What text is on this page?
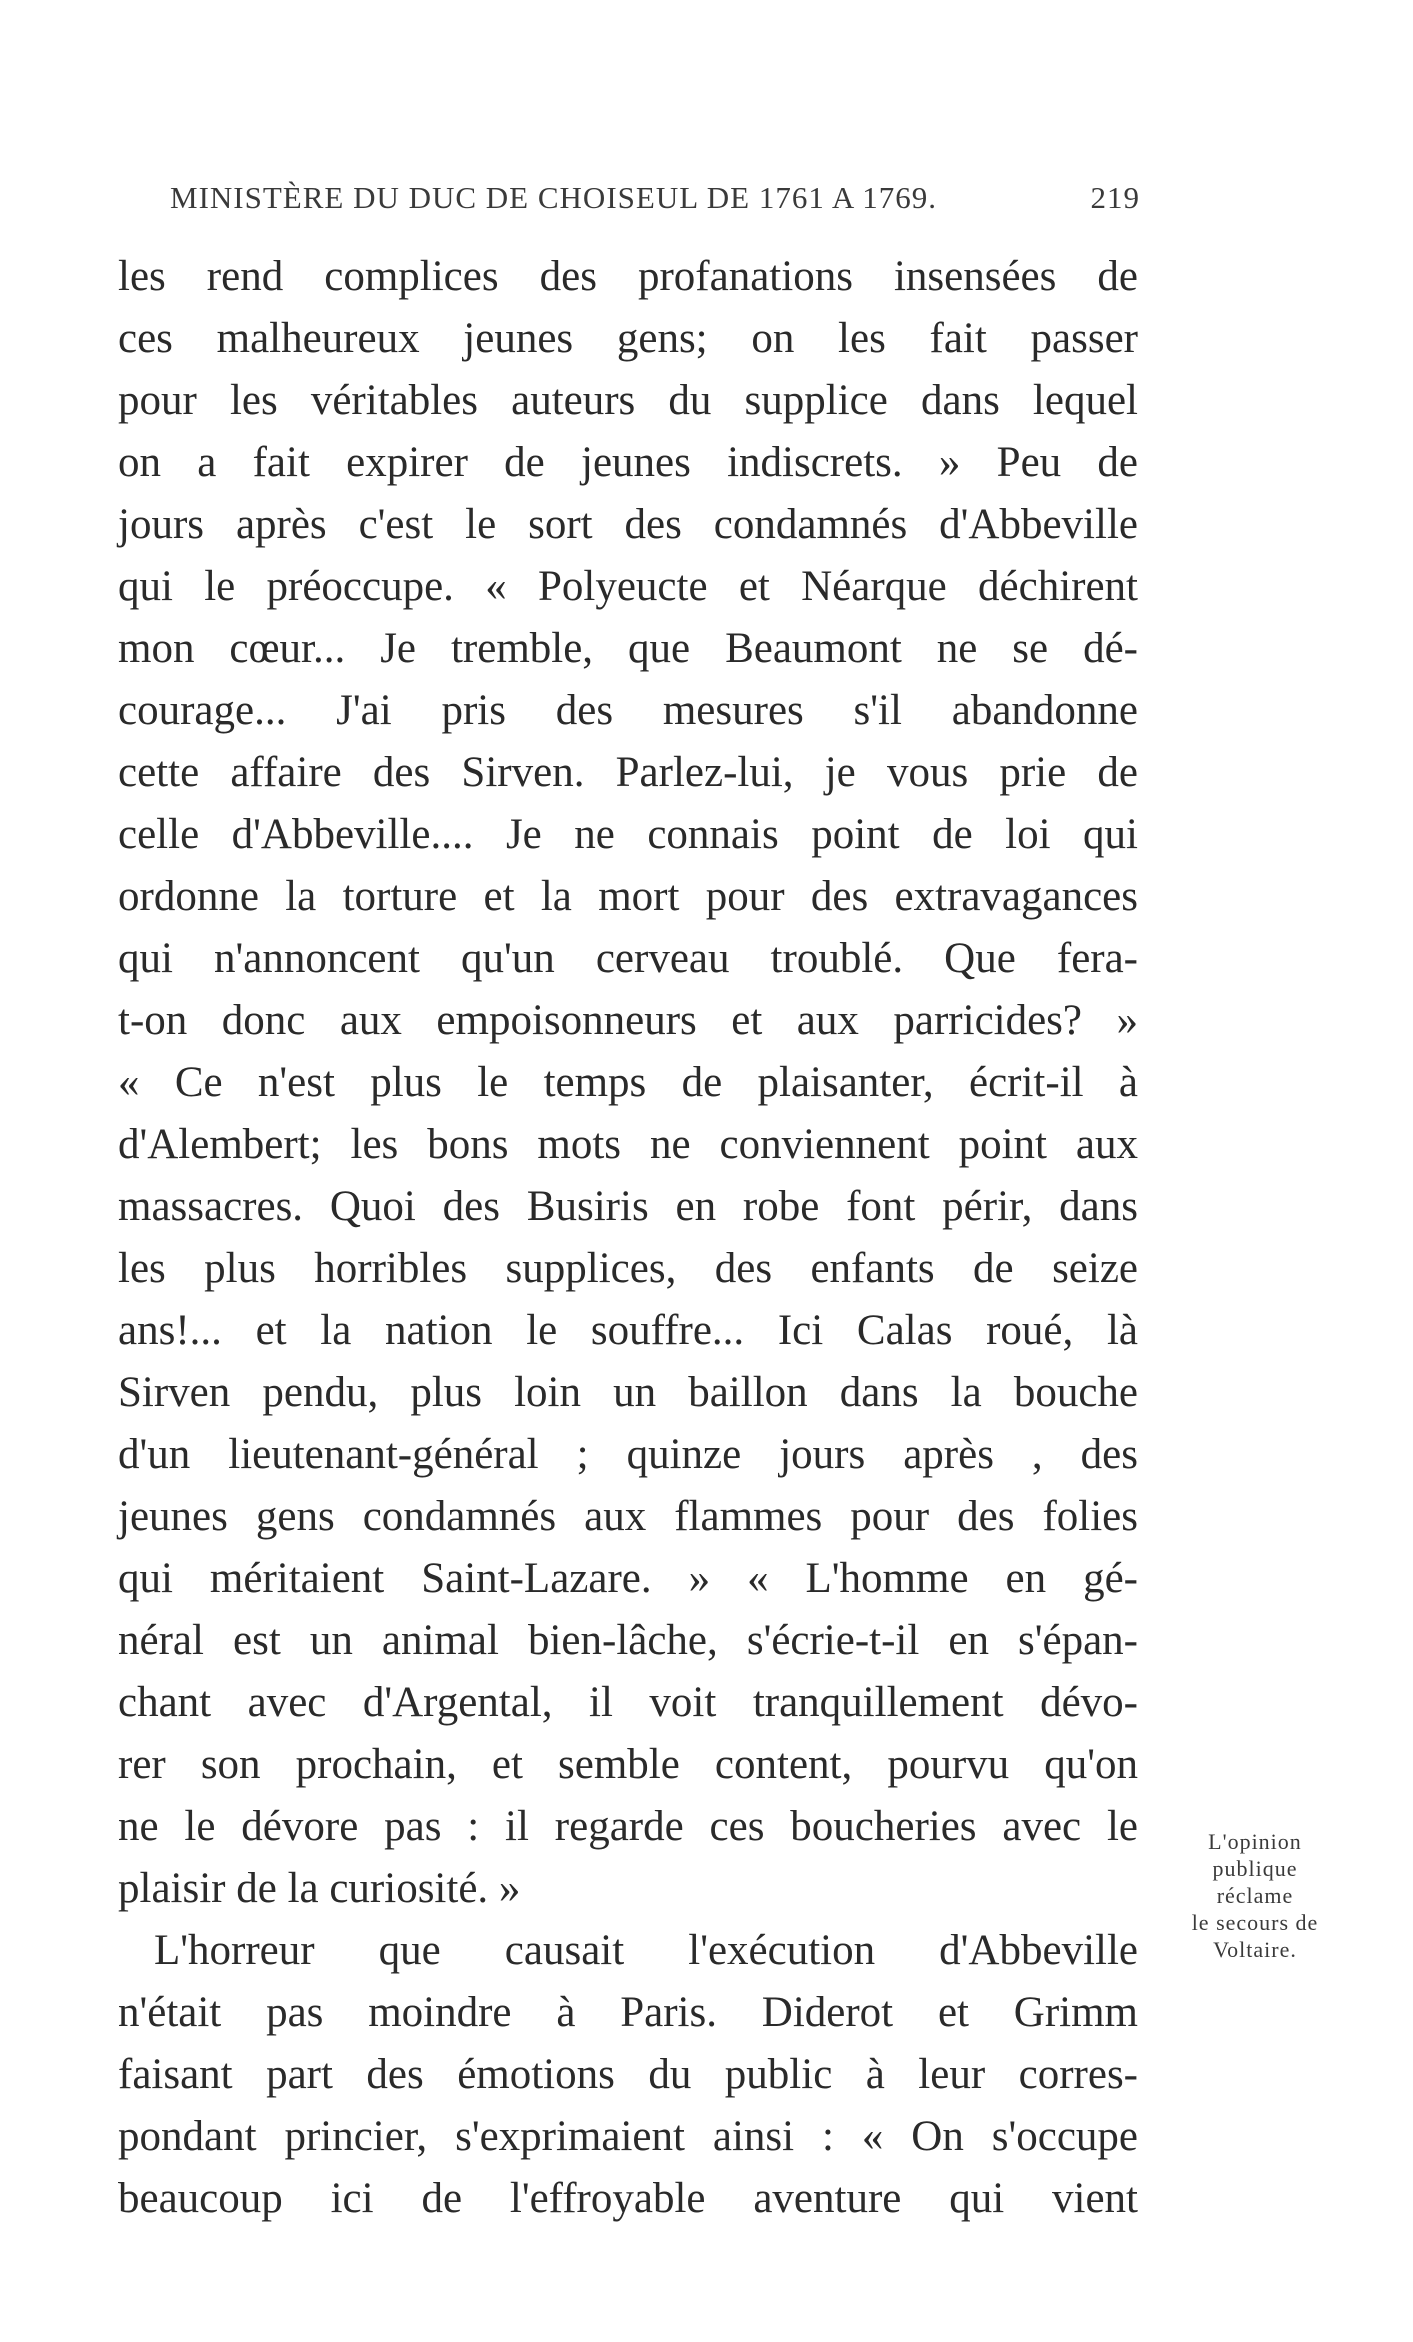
MINISTÈRE DU DUC DE CHOISEUL DE 1761 A 1769.	219
les rend complices des profanations insensées de
ces malheureux jeunes gens; on les fait passer
pour les véritables auteurs du supplice dans lequel
on a fait expirer de jeunes indiscrets. » Peu de
jours après c'est le sort des condamnés d'Abbeville
qui le préoccupe. « Polyeucte et Néarque déchirent
mon cœur... Je tremble, que Beaumont ne se dé-
courage... J'ai pris des mesures s'il abandonne
cette affaire des Sirven. Parlez-lui, je vous prie de
celle d'Abbeville.... Je ne connais point de loi qui
ordonne la torture et la mort pour des extravagances
qui n'annoncent qu'un cerveau troublé. Que fera-
t-on donc aux empoisonneurs et aux parricides? »
« Ce n'est plus le temps de plaisanter, écrit-il à
d'Alembert; les bons mots ne conviennent point aux
massacres. Quoi des Busiris en robe font périr, dans
les plus horribles supplices, des enfants de seize
ans!... et la nation le souffre... Ici Calas roué, là
Sirven pendu, plus loin un baillon dans la bouche
d'un lieutenant-général ; quinze jours après , des
jeunes gens condamnés aux flammes pour des folies
qui méritaient Saint-Lazare. » « L'homme en gé-
néral est un animal bien-lâche, s'écrie-t-il en s'épan-
chant avec d'Argental, il voit tranquillement dévo-
rer son prochain, et semble content, pourvu qu'on
ne le dévore pas : il regarde ces boucheries avec le
plaisir de la curiosité. »
L'horreur que causait l'exécution d'Abbeville
n'était pas moindre à Paris. Diderot et Grimm
faisant part des émotions du public à leur corres-
pondant princier, s'exprimaient ainsi : « On s'occupe
beaucoup ici de l'effroyable aventure qui vient
L'opinion
publique
réclame
le secours de
Voltaire.
